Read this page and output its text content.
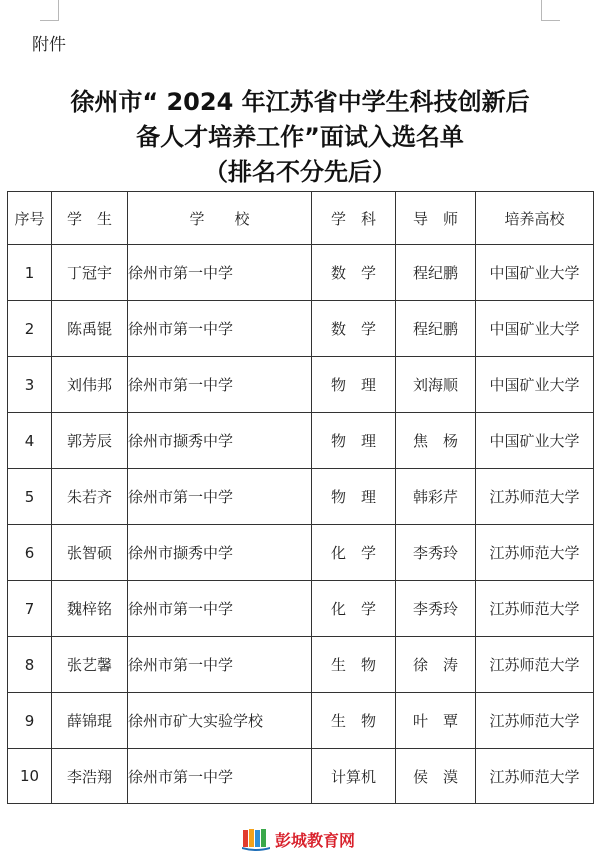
附件
徐州市“ 2024 年江苏省中学生科技创新后
备人才培养工作”面试入选名单
（排名不分先后）
序号	学　生	学　　校	学　科	导　师	培养高校
1	丁冠宇	徐州市第一中学	数　学	程纪鹏	中国矿业大学
2	陈禹锟	徐州市第一中学	数　学	程纪鹏	中国矿业大学
3	刘伟邦	徐州市第一中学	物　理	刘海顺	中国矿业大学
4	郭芳辰	徐州市撷秀中学	物　理	焦　杨	中国矿业大学
5	朱若齐	徐州市第一中学	物　理	韩彩芹	江苏师范大学
6	张智硕	徐州市撷秀中学	化　学	李秀玲	江苏师范大学
7	魏梓铭	徐州市第一中学	化　学	李秀玲	江苏师范大学
8	张艺馨	徐州市第一中学	生　物	徐　涛	江苏师范大学
9	薛锦琨	徐州市矿大实验学校	生　物	叶　覃	江苏师范大学
10	李浩翔	徐州市第一中学	计算机	侯　漠	江苏师范大学
彭城教育网
